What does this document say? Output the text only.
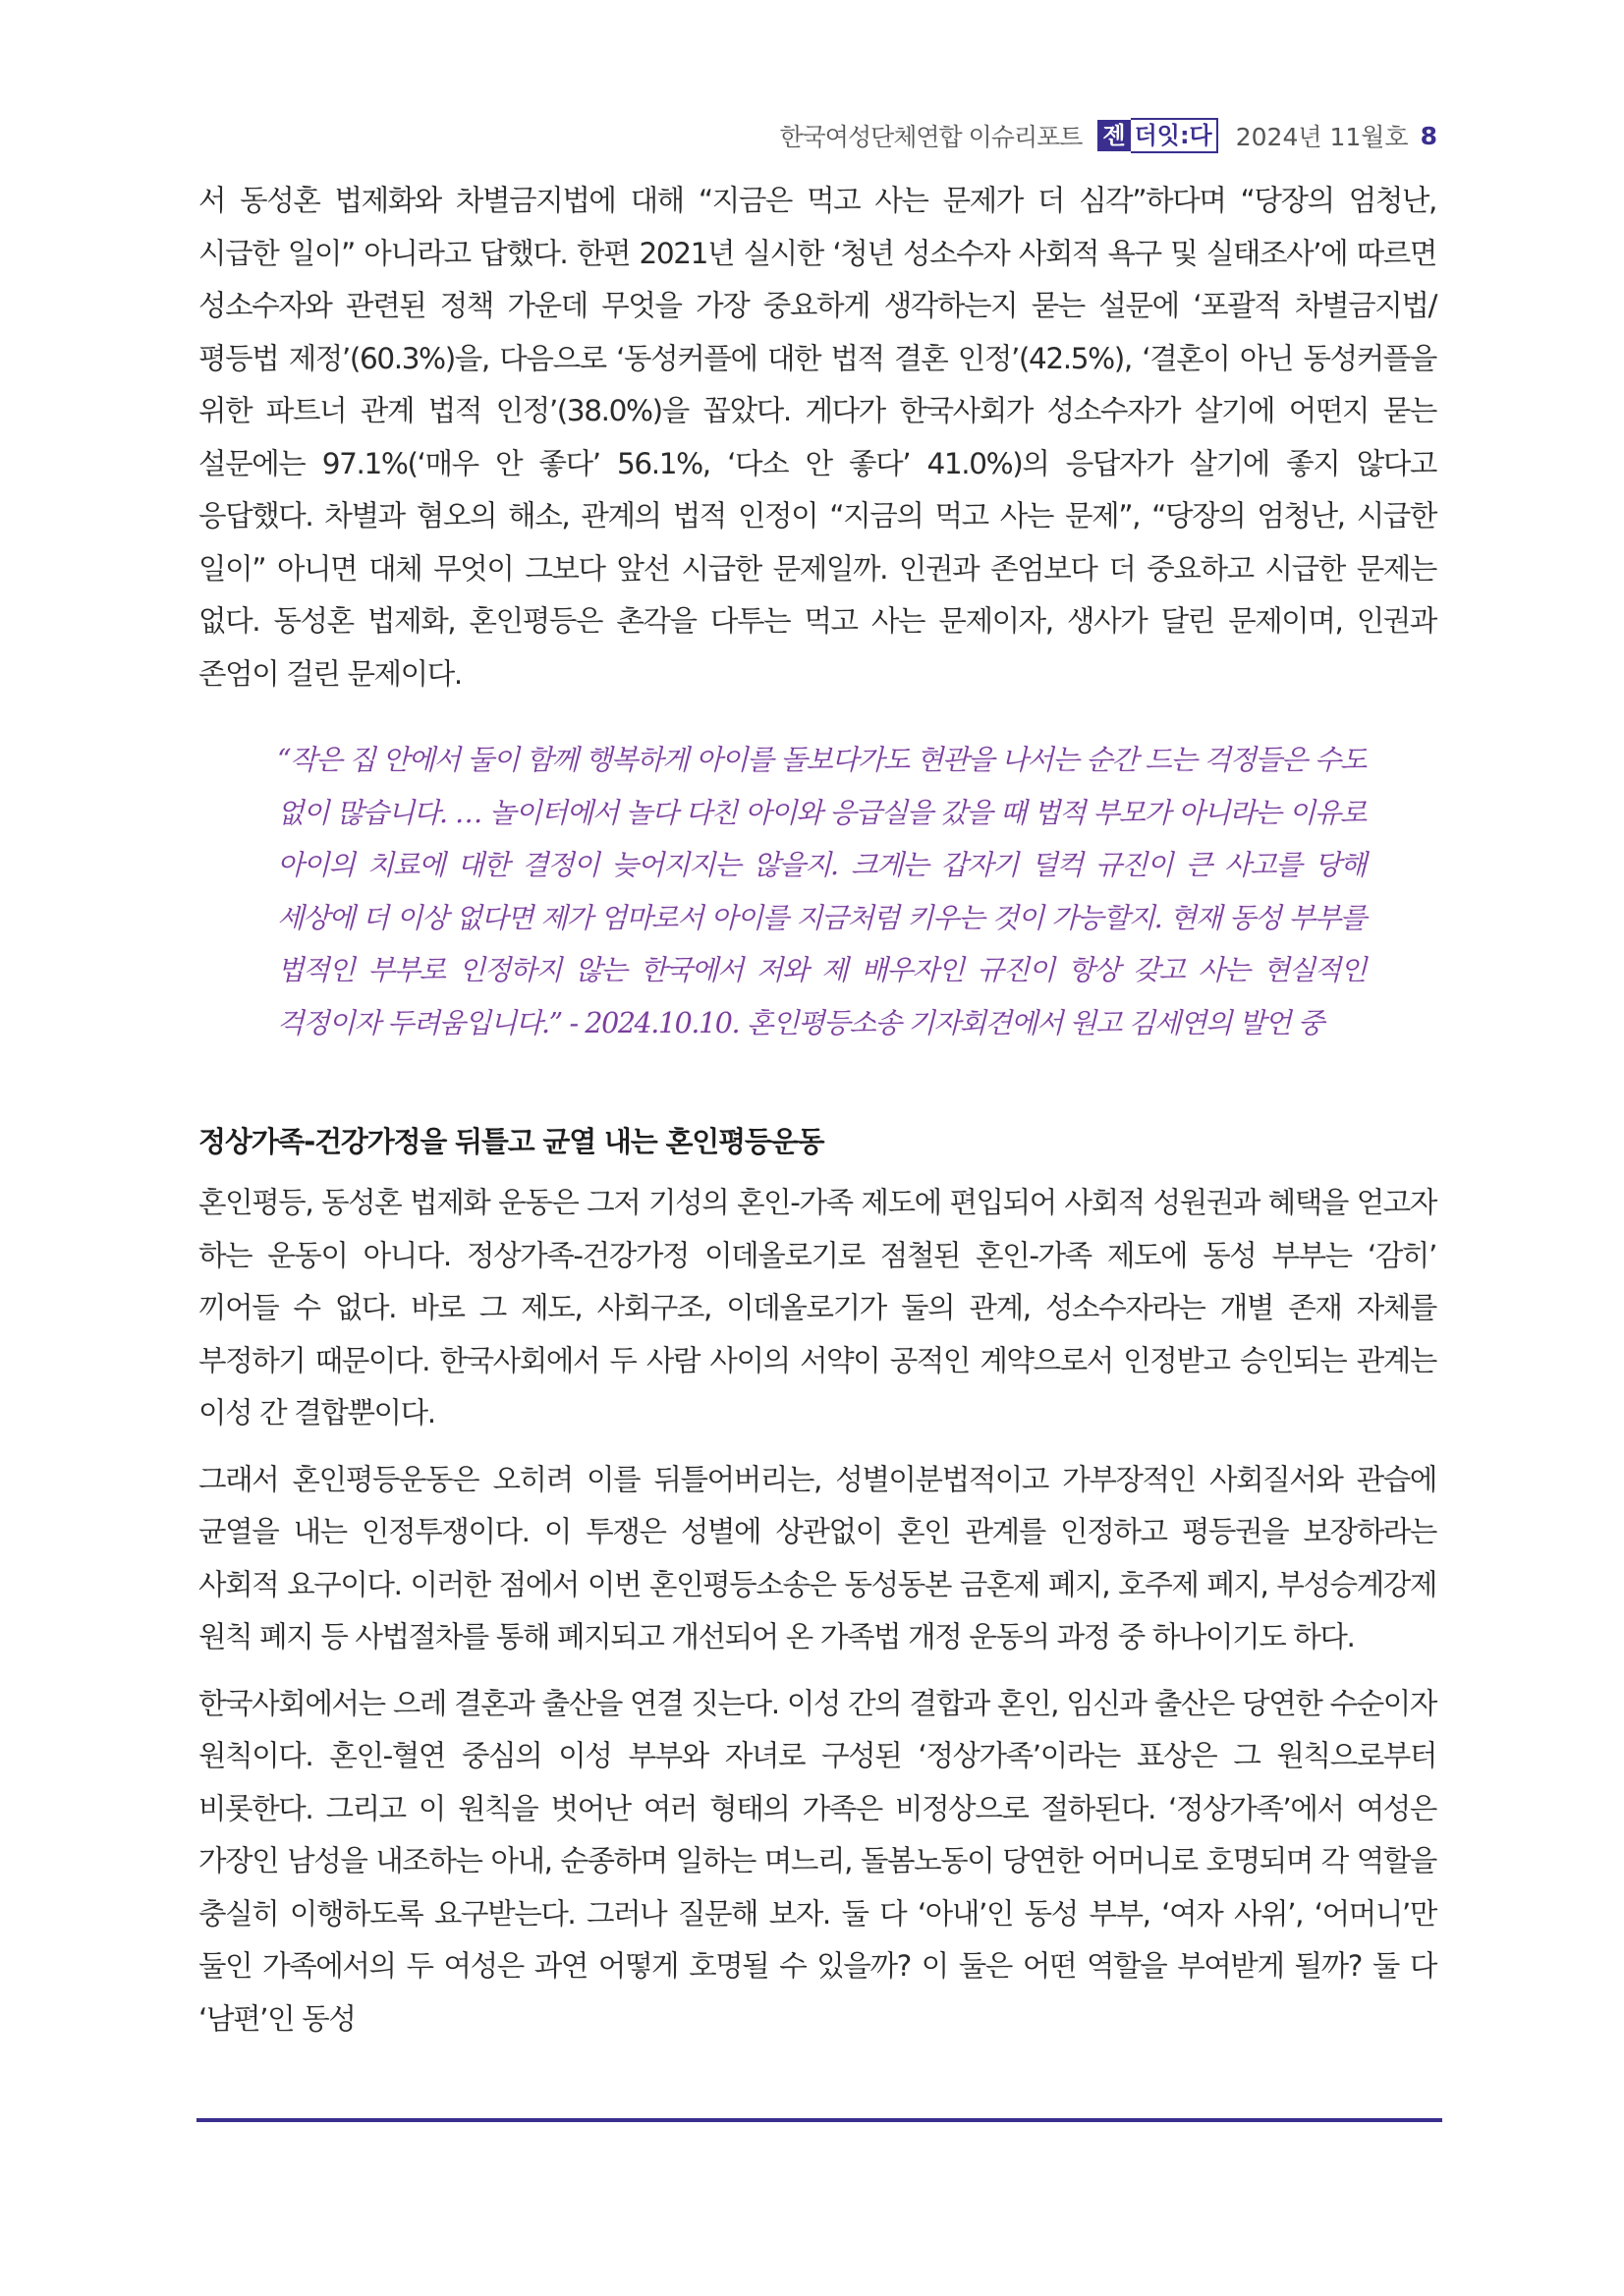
한국여성단체연합 이슈리포트 젠 더잇:다 2024년 11월호 8

서 동성혼 법제화와 차별금지법에 대해 “지금은 먹고 사는 문제가 더 심각”하다며 “당장의 엄청난, 시급한 일이” 아니라고 답했다. 한편 2021년 실시한 ‘청년 성소수자 사회적 욕구 및 실태조사’에 따르면 성소수자와 관련된 정책 가운데 무엇을 가장 중요하게 생각하는지 묻는 설문에 ‘포괄적 차별금지법/평등법 제정’(60.3%)을, 다음으로 ‘동성커플에 대한 법적 결혼 인정’(42.5%), ‘결혼이 아닌 동성커플을 위한 파트너 관계 법적 인정’(38.0%)을 꼽았다. 게다가 한국사회가 성소수자가 살기에 어떤지 묻는 설문에는 97.1%(‘매우 안 좋다’ 56.1%, ‘다소 안 좋다’ 41.0%)의 응답자가 살기에 좋지 않다고 응답했다. 차별과 혐오의 해소, 관계의 법적 인정이 “지금의 먹고 사는 문제”, “당장의 엄청난, 시급한 일이” 아니면 대체 무엇이 그보다 앞선 시급한 문제일까. 인권과 존엄보다 더 중요하고 시급한 문제는 없다. 동성혼 법제화, 혼인평등은 촌각을 다투는 먹고 사는 문제이자, 생사가 달린 문제이며, 인권과 존엄이 걸린 문제이다.

“작은 집 안에서 둘이 함께 행복하게 아이를 돌보다가도 현관을 나서는 순간 드는 걱정들은 수도 없이 많습니다. … 놀이터에서 놀다 다친 아이와 응급실을 갔을 때 법적 부모가 아니라는 이유로 아이의 치료에 대한 결정이 늦어지지는 않을지. 크게는 갑자기 덜컥 규진이 큰 사고를 당해 세상에 더 이상 없다면 제가 엄마로서 아이를 지금처럼 키우는 것이 가능할지. 현재 동성 부부를 법적인 부부로 인정하지 않는 한국에서 저와 제 배우자인 규진이 항상 갖고 사는 현실적인 걱정이자 두려움입니다.” - 2024.10.10. 혼인평등소송 기자회견에서 원고 김세연의 발언 중

정상가족-건강가정을 뒤틀고 균열 내는 혼인평등운동

혼인평등, 동성혼 법제화 운동은 그저 기성의 혼인-가족 제도에 편입되어 사회적 성원권과 혜택을 얻고자 하는 운동이 아니다. 정상가족-건강가정 이데올로기로 점철된 혼인-가족 제도에 동성 부부는 ‘감히’ 끼어들 수 없다. 바로 그 제도, 사회구조, 이데올로기가 둘의 관계, 성소수자라는 개별 존재 자체를 부정하기 때문이다. 한국사회에서 두 사람 사이의 서약이 공적인 계약으로서 인정받고 승인되는 관계는 이성 간 결합뿐이다.

그래서 혼인평등운동은 오히려 이를 뒤틀어버리는, 성별이분법적이고 가부장적인 사회질서와 관습에 균열을 내는 인정투쟁이다. 이 투쟁은 성별에 상관없이 혼인 관계를 인정하고 평등권을 보장하라는 사회적 요구이다. 이러한 점에서 이번 혼인평등소송은 동성동본 금혼제 폐지, 호주제 폐지, 부성승계강제 원칙 폐지 등 사법절차를 통해 폐지되고 개선되어 온 가족법 개정 운동의 과정 중 하나이기도 하다.

한국사회에서는 으레 결혼과 출산을 연결 짓는다. 이성 간의 결합과 혼인, 임신과 출산은 당연한 수순이자 원칙이다. 혼인-혈연 중심의 이성 부부와 자녀로 구성된 ‘정상가족’이라는 표상은 그 원칙으로부터 비롯한다. 그리고 이 원칙을 벗어난 여러 형태의 가족은 비정상으로 절하된다. ‘정상가족’에서 여성은 가장인 남성을 내조하는 아내, 순종하며 일하는 며느리, 돌봄노동이 당연한 어머니로 호명되며 각 역할을 충실히 이행하도록 요구받는다. 그러나 질문해 보자. 둘 다 ‘아내’인 동성 부부, ‘여자 사위’, ‘어머니’만 둘인 가족에서의 두 여성은 과연 어떻게 호명될 수 있을까? 이 둘은 어떤 역할을 부여받게 될까? 둘 다 ‘남편’인 동성
